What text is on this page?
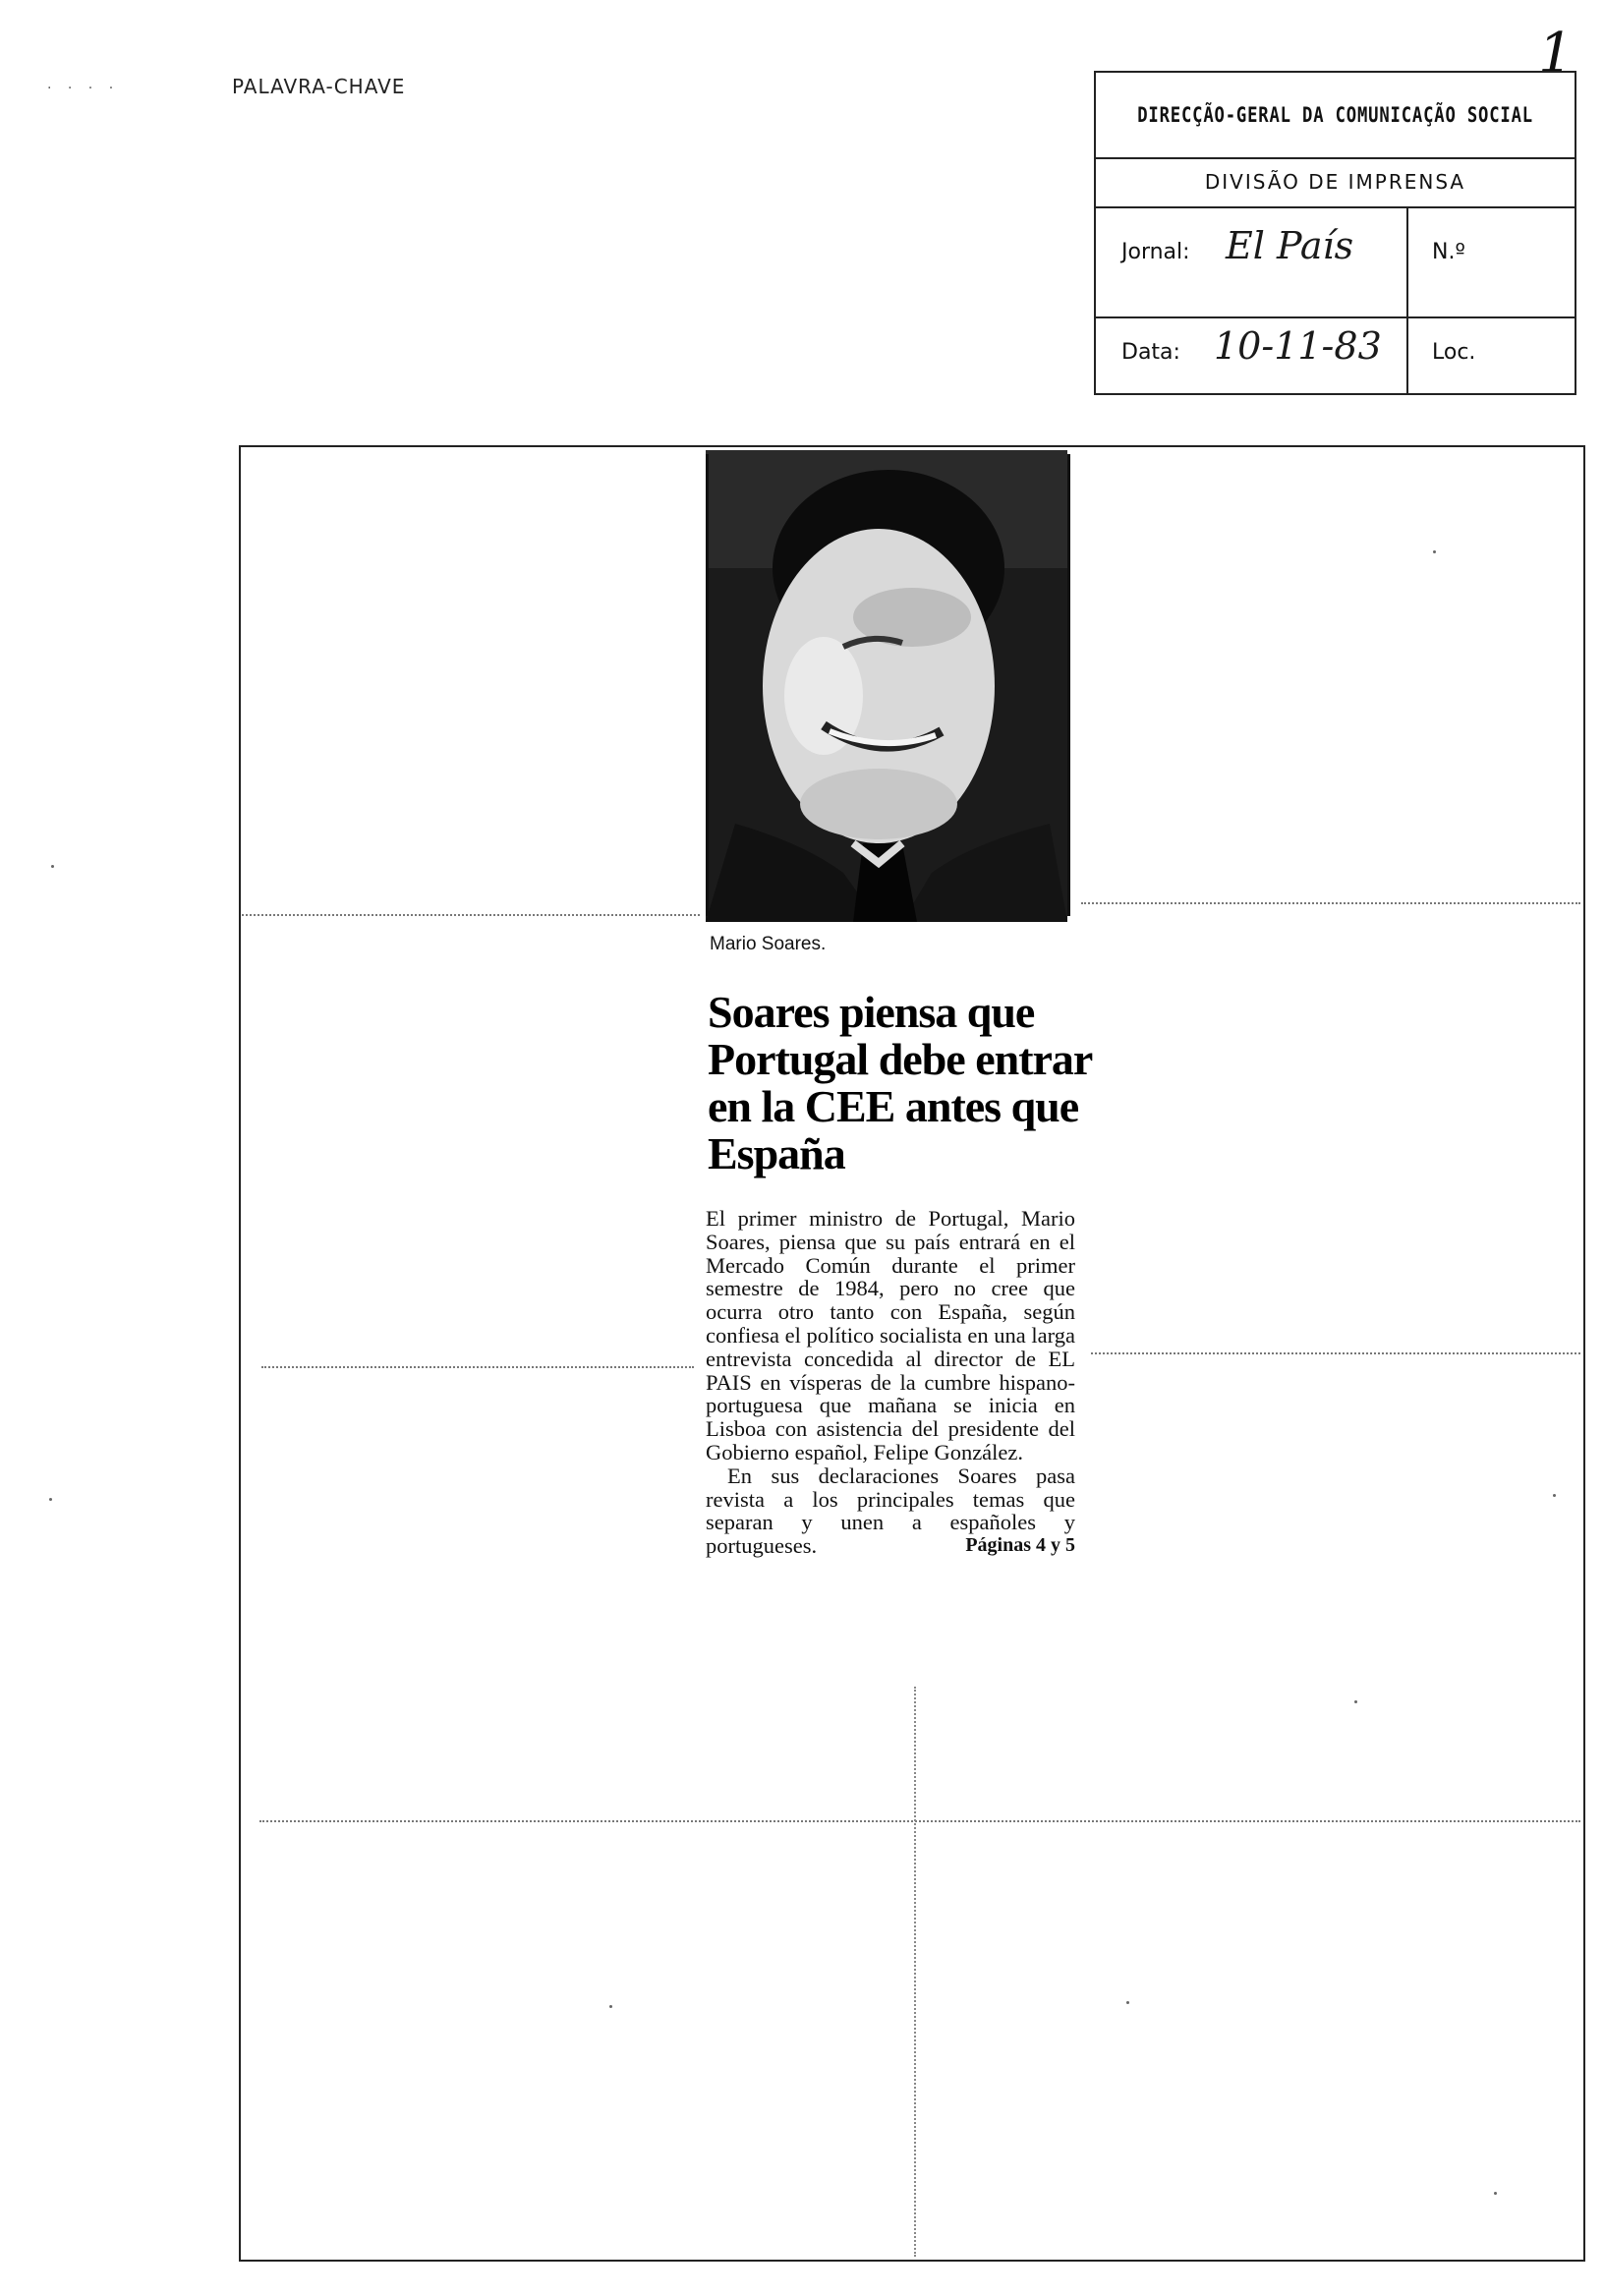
· · · ·	PALAVRA-CHAVE
1
DIRECÇÃO-GERAL DA COMUNICAÇÃO SOCIAL
DIVISÃO DE IMPRENSA
Jornal: El País	N.º
Data: 10-11-83 Loc.
Mario Soares.
Soares piensa que Portugal debe entrar en la CEE antes que España

El primer ministro de Portugal, Mario Soares, piensa que su país entrará en el Mercado Común durante el primer semestre de 1984, pero no cree que ocurra otro tanto con España, según confiesa el político socialista en una larga entrevista concedida al director de EL PAIS en vísperas de la cumbre hispano-portuguesa que mañana se inicia en Lisboa con asistencia del presidente del Gobierno español, Felipe González.

En sus declaraciones Soares pasa revista a los principales temas que separan y unen a españoles y portugueses.	Páginas 4 y 5
